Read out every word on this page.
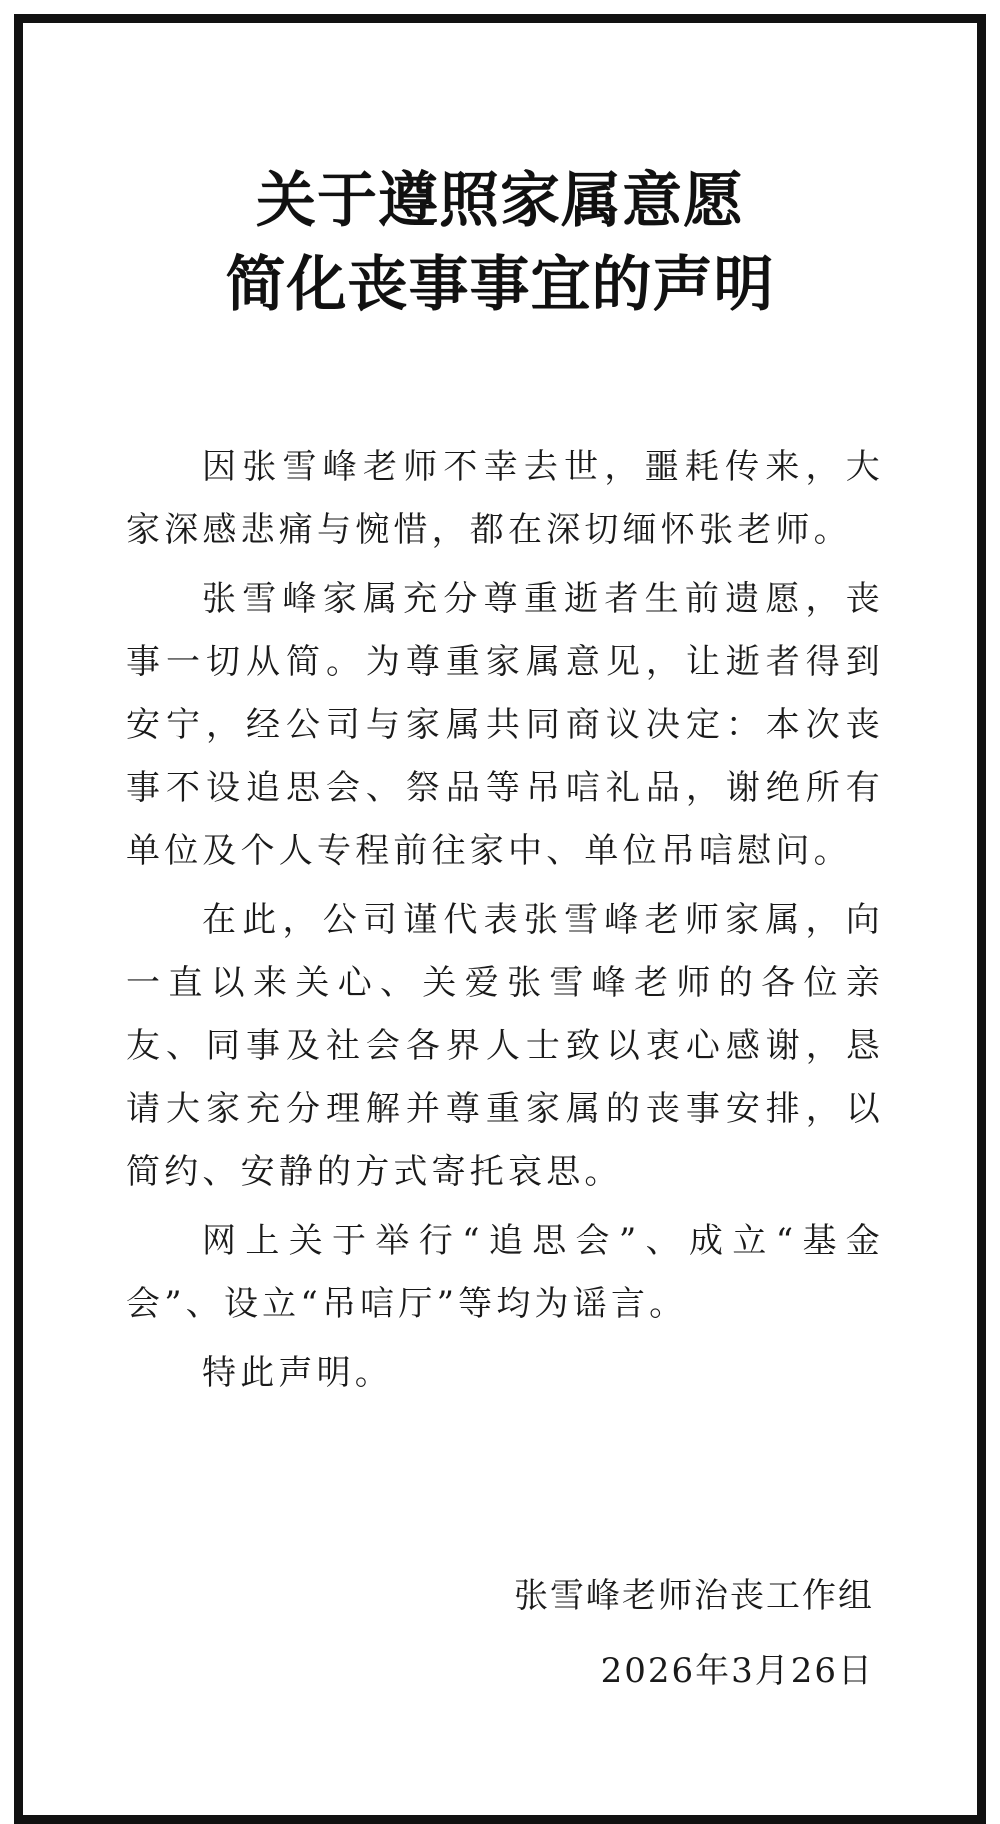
关于遵照家属意愿
简化丧事事宜的声明

因张雪峰老师不幸去世，噩耗传来，大家深感悲痛与惋惜，都在深切缅怀张老师。

张雪峰家属充分尊重逝者生前遗愿，丧事一切从简。为尊重家属意见，让逝者得到安宁，经公司与家属共同商议决定：本次丧事不设追思会、祭品等吊唁礼品，谢绝所有单位及个人专程前往家中、单位吊唁慰问。

在此，公司谨代表张雪峰老师家属，向一直以来关心、关爱张雪峰老师的各位亲友、同事及社会各界人士致以衷心感谢，恳请大家充分理解并尊重家属的丧事安排，以简约、安静的方式寄托哀思。

网上关于举行“追思会”、成立“基金会”、设立“吊唁厅”等均为谣言。

特此声明。

张雪峰老师治丧工作组
2026年3月26日
